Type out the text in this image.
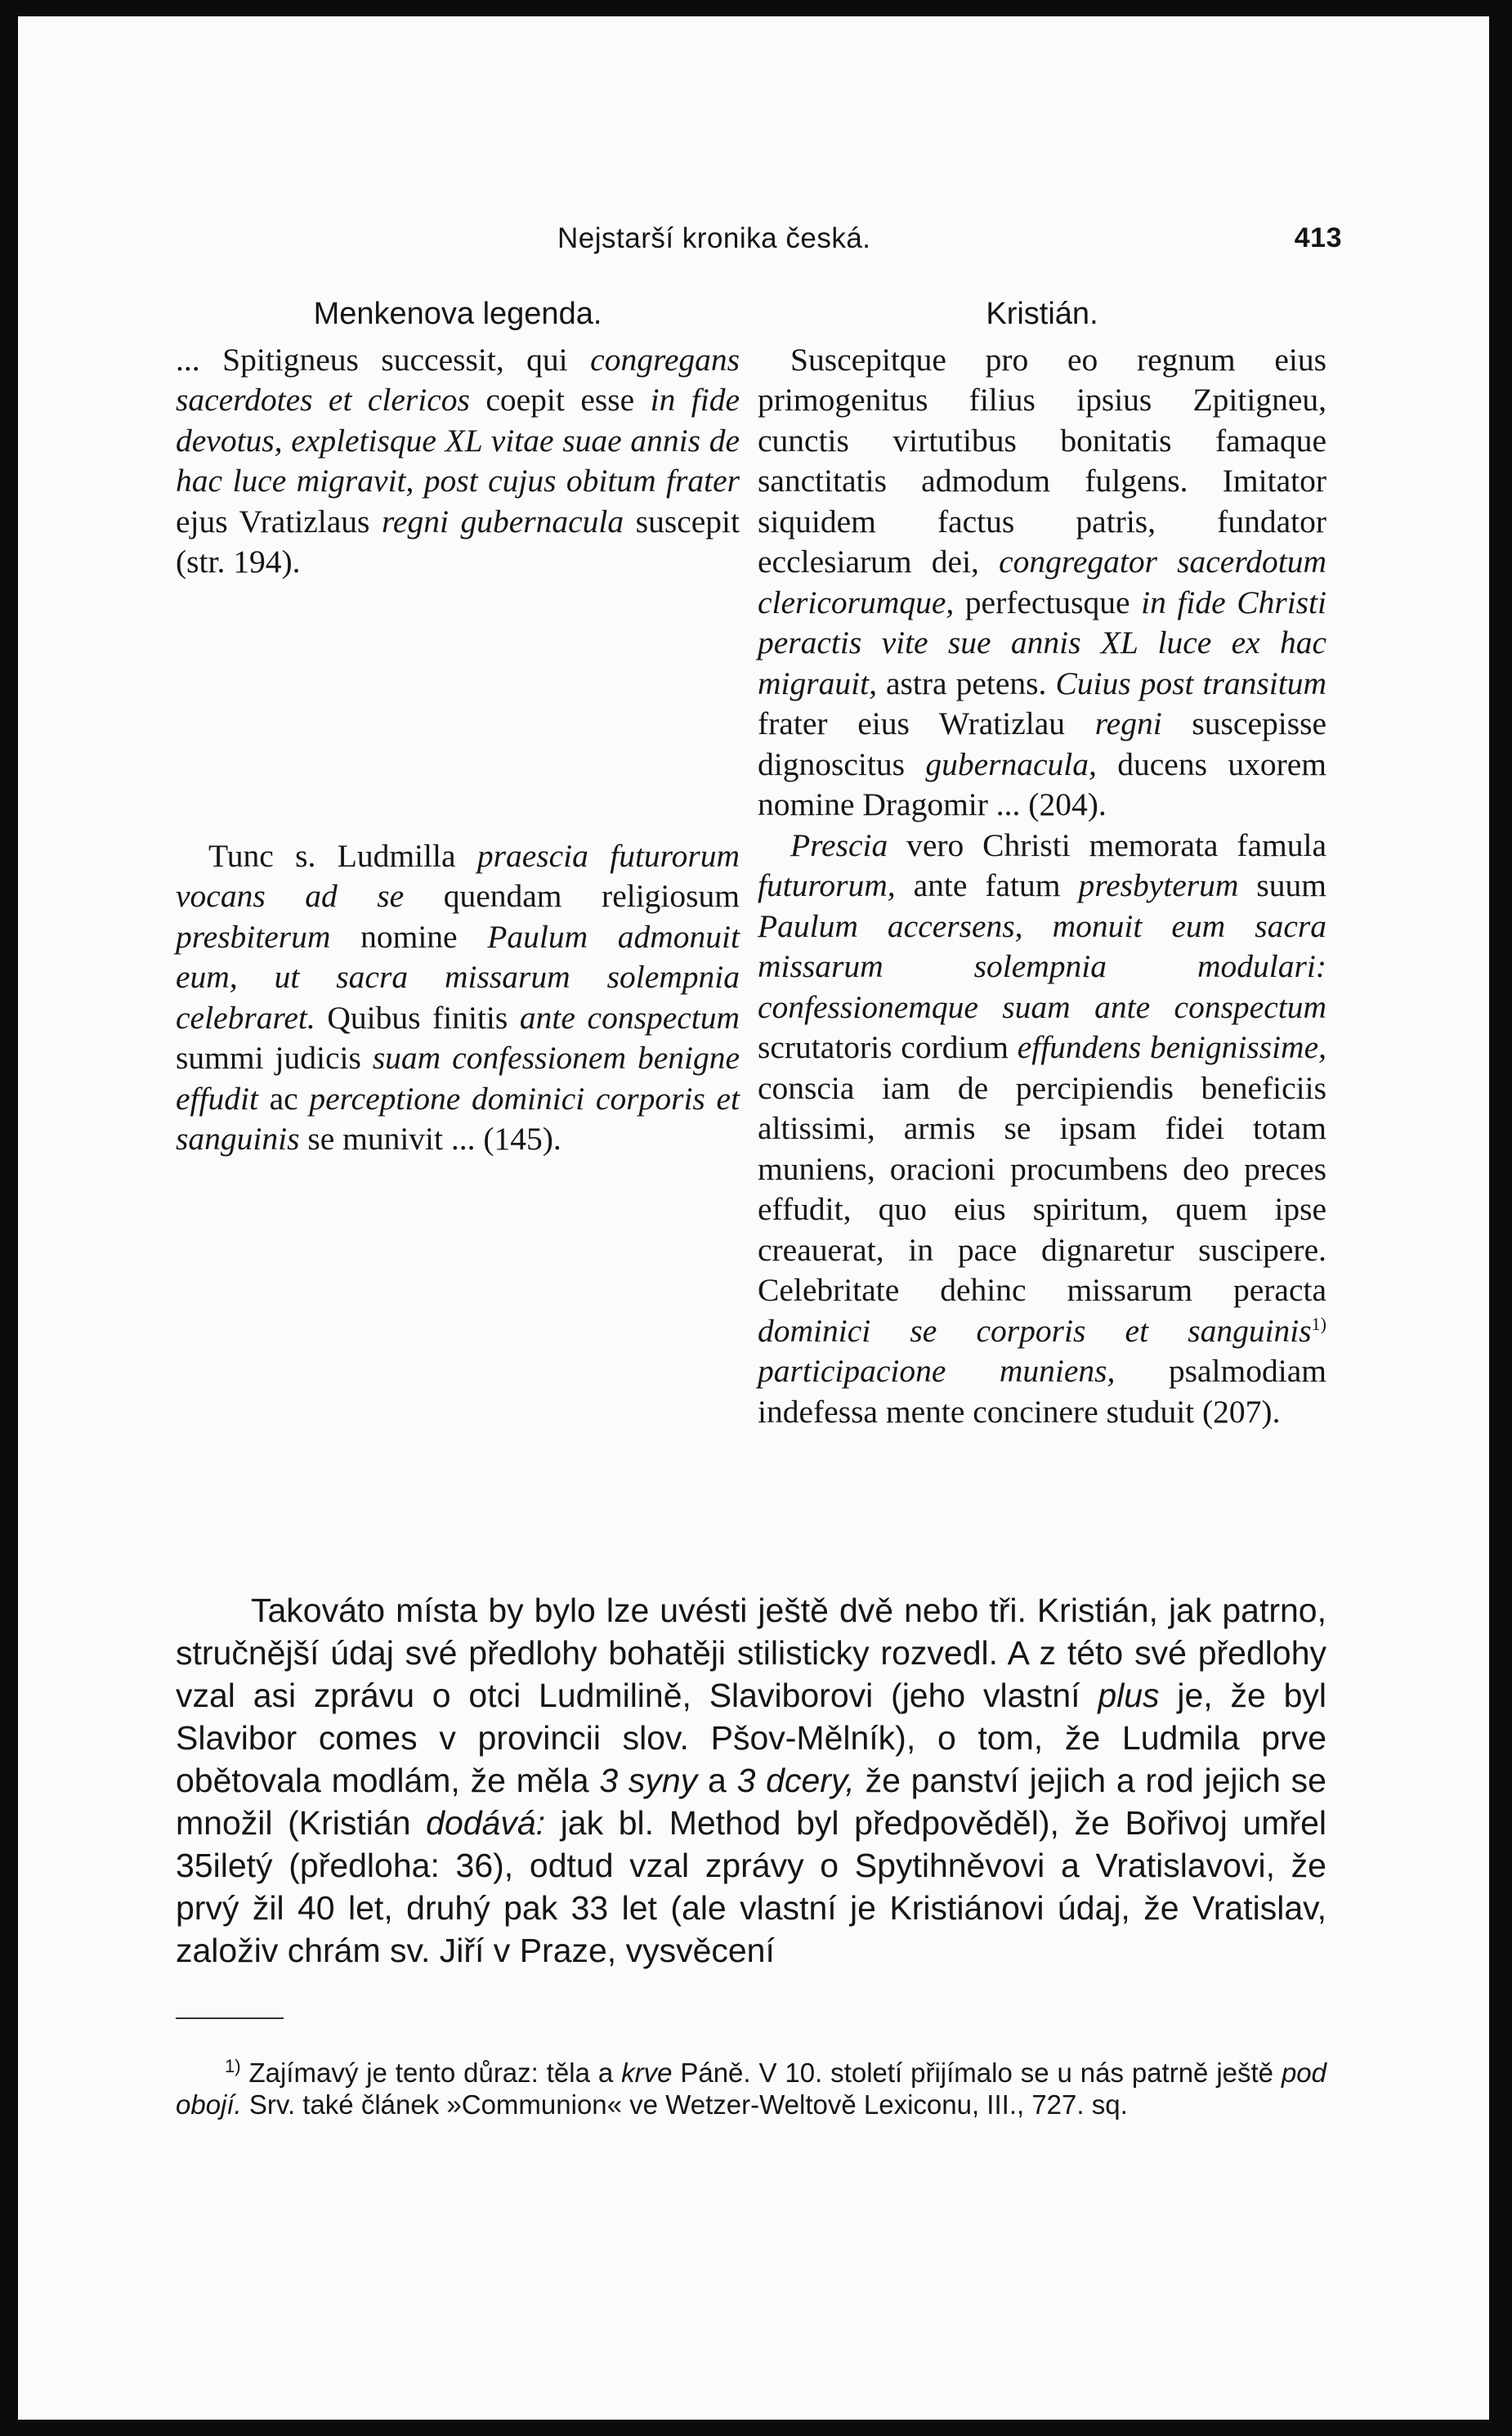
Nejstarší kronika česká.	413
Menkenova legenda.

... Spitigneus successit, qui congregans sacerdotes et clericos coepit esse in fide devotus, expletisque XL vitae suae annis de hac luce migravit, post cujus obitum frater ejus Vratizlaus regni gubernacula suscepit (str. 194).

Tunc s. Ludmilla praescia futurorum vocans ad se quendam religiosum presbiterum nomine Paulum admonuit eum, ut sacra missarum solempnia celebraret. Quibus finitis ante conspectum summi judicis suam confessionem benigne effudit ac perceptione dominici corporis et sanguinis se munivit ... (145).

Kristián.

Suscepitque pro eo regnum eius primogenitus filius ipsius Zpitigneu, cunctis virtutibus bonitatis famaque sanctitatis admodum fulgens. Imitator siquidem factus patris, fundator ecclesiarum dei, congregator sacerdotum clericorumque, perfectusque in fide Christi peractis vite sue annis XL luce ex hac migrauit, astra petens. Cuius post transitum frater eius Wratizlau regni suscepisse dignoscitus gubernacula, ducens uxorem nomine Dragomir ... (204).

Prescia vero Christi memorata famula futurorum, ante fatum presbyterum suum Paulum accersens, monuit eum sacra missarum solempnia modulari: confessionemque suam ante conspectum scrutatoris cordium effundens benignissime, conscia iam de percipiendis beneficiis altissimi, armis se ipsam fidei totam muniens, oracioni procumbens deo preces effudit, quo eius spiritum, quem ipse creauerat, in pace dignaretur suscipere. Celebritate dehinc missarum peracta dominici se corporis et sanguinis$^{1)}$ participacione muniens, psalmodiam indefessa mente concinere studuit (207).

Takováto místa by bylo lze uvésti ještě dvě nebo tři. Kristián, jak patrno, stručnější údaj své předlohy bohatěji stilisticky rozvedl. A z této své předlohy vzal asi zprávu o otci Ludmilině, Slaviborovi (jeho vlastní plus je, že byl Slavibor comes v provincii slov. Pšov-Mělník), o tom, že Ludmila prve obětovala modlám, že měla 3 syny a 3 dcery, že panství jejich a rod jejich se množil (Kristián dodává: jak bl. Method byl předpověděl), že Bořivoj umřel 35iletý (předloha: 36), odtud vzal zprávy o Spytihněvovi a Vratislavovi, že prvý žil 40 let, druhý pak 33 let (ale vlastní je Kristiánovi údaj, že Vratislav, založiv chrám sv. Jiří v Praze, vysvěcení

$^{1)}$ Zajímavý je tento důraz: těla a krve Páně. V 10. století přijímalo se u nás patrně ještě pod obojí. Srv. také článek »Communion« ve Wetzer-Weltově Lexiconu, III., 727. sq.
